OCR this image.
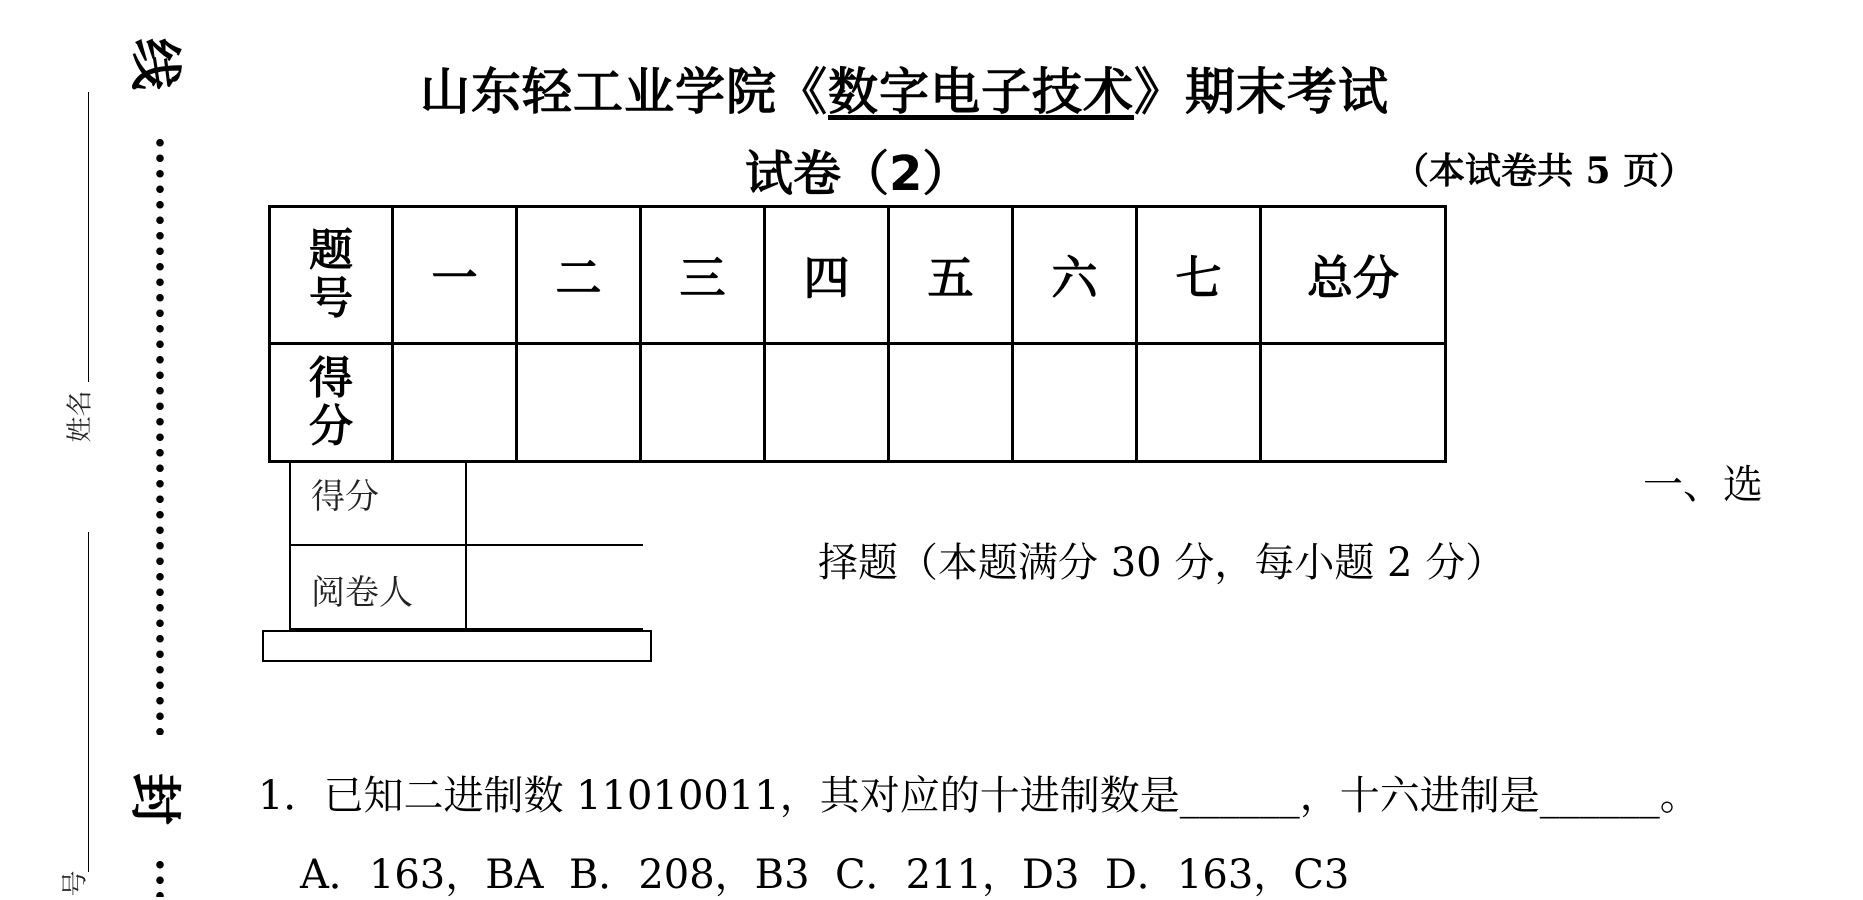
姓名
号
线
封
山东轻工业学院《数字电子技术》期末考试
试卷（2）	（本试卷共 5 页）
题号	一	二	三	四	五	六	七	总分
得分								
得分
阅卷人
一、选
择题（本题满分 30 分，每小题 2 分）
1．已知二进制数 11010011，其对应的十进制数是______，十六进制是______。
A．163，BA  B．208，B3  C．211，D3  D．163，C3
